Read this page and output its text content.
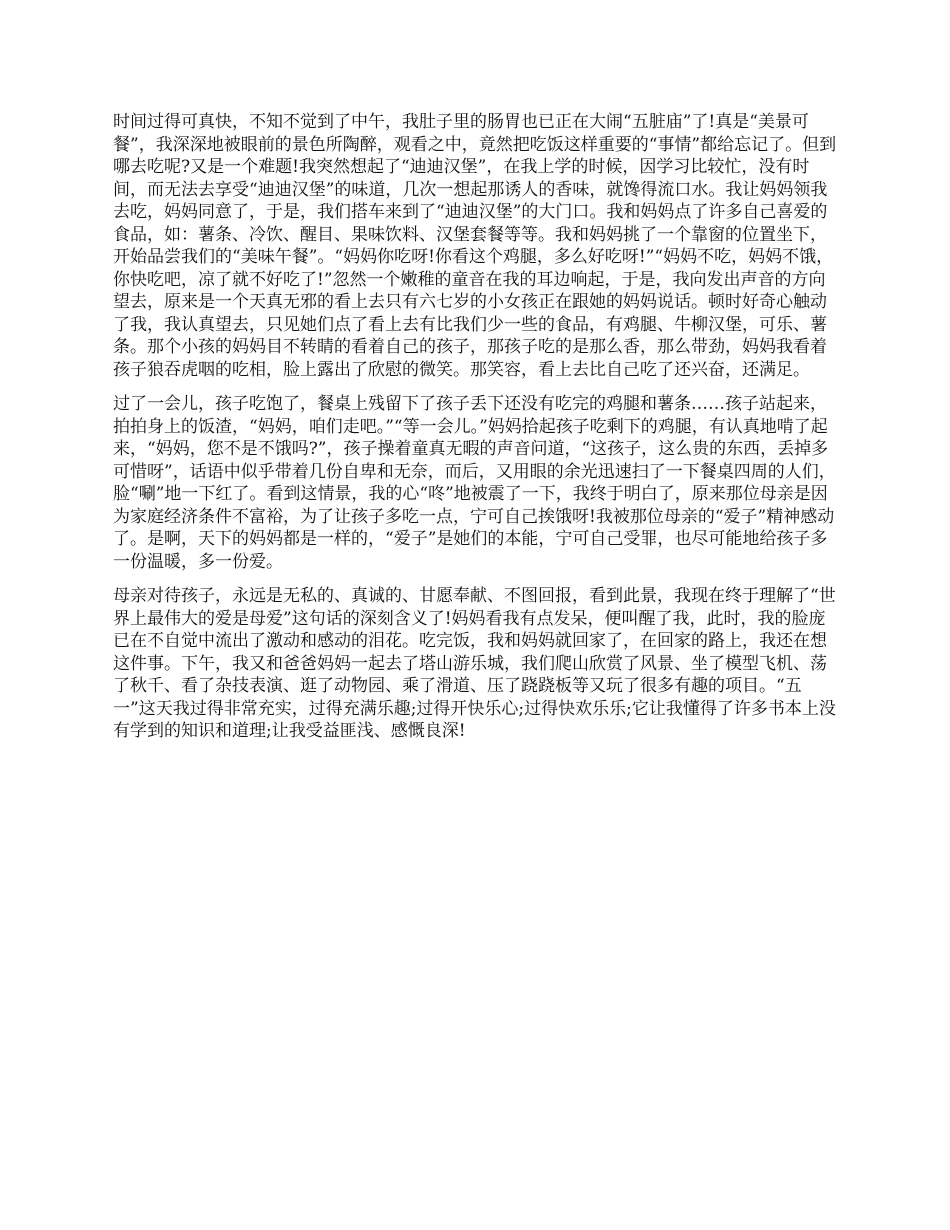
时间过得可真快，不知不觉到了中午，我肚子里的肠胃也已正在大闹“五脏庙”了!真是“美景可餐”，我深深地被眼前的景色所陶醉，观看之中，竟然把吃饭这样重要的“事情”都给忘记了。但到哪去吃呢?又是一个难题!我突然想起了“迪迪汉堡”，在我上学的时候，因学习比较忙，没有时间，而无法去享受“迪迪汉堡”的味道，几次一想起那诱人的香味，就馋得流口水。我让妈妈领我去吃，妈妈同意了，于是，我们搭车来到了“迪迪汉堡”的大门口。我和妈妈点了许多自己喜爱的食品，如：薯条、冷饮、醒目、果味饮料、汉堡套餐等等。我和妈妈挑了一个靠窗的位置坐下，开始品尝我们的“美味午餐”。“妈妈你吃呀!你看这个鸡腿，多么好吃呀!”“妈妈不吃，妈妈不饿，你快吃吧，凉了就不好吃了!”忽然一个嫩稚的童音在我的耳边响起，于是，我向发出声音的方向望去，原来是一个天真无邪的看上去只有六七岁的小女孩正在跟她的妈妈说话。顿时好奇心触动了我，我认真望去，只见她们点了看上去有比我们少一些的食品，有鸡腿、牛柳汉堡，可乐、薯条。那个小孩的妈妈目不转睛的看着自己的孩子，那孩子吃的是那么香，那么带劲，妈妈我看着孩子狼吞虎咽的吃相，脸上露出了欣慰的微笑。那笑容，看上去比自己吃了还兴奋，还满足。

过了一会儿，孩子吃饱了，餐桌上残留下了孩子丢下还没有吃完的鸡腿和薯条……孩子站起来，拍拍身上的饭渣，“妈妈，咱们走吧。”“等一会儿。”妈妈拾起孩子吃剩下的鸡腿，有认真地啃了起来，“妈妈，您不是不饿吗?”，孩子操着童真无暇的声音问道，“这孩子，这么贵的东西，丢掉多可惜呀”，话语中似乎带着几份自卑和无奈，而后，又用眼的余光迅速扫了一下餐桌四周的人们，脸“唰”地一下红了。看到这情景，我的心“咚”地被震了一下，我终于明白了，原来那位母亲是因为家庭经济条件不富裕，为了让孩子多吃一点，宁可自己挨饿呀!我被那位母亲的“爱子”精神感动了。是啊，天下的妈妈都是一样的，“爱子”是她们的本能，宁可自己受罪，也尽可能地给孩子多一份温暖，多一份爱。

母亲对待孩子，永远是无私的、真诚的、甘愿奉献、不图回报，看到此景，我现在终于理解了“世界上最伟大的爱是母爱”这句话的深刻含义了!妈妈看我有点发呆，便叫醒了我，此时，我的脸庞已在不自觉中流出了激动和感动的泪花。吃完饭，我和妈妈就回家了，在回家的路上，我还在想这件事。下午，我又和爸爸妈妈一起去了塔山游乐城，我们爬山欣赏了风景、坐了模型飞机、荡了秋千、看了杂技表演、逛了动物园、乘了滑道、压了跷跷板等又玩了很多有趣的项目。“五一”这天我过得非常充实，过得充满乐趣;过得开快乐心;过得快欢乐乐;它让我懂得了许多书本上没有学到的知识和道理;让我受益匪浅、感慨良深!
